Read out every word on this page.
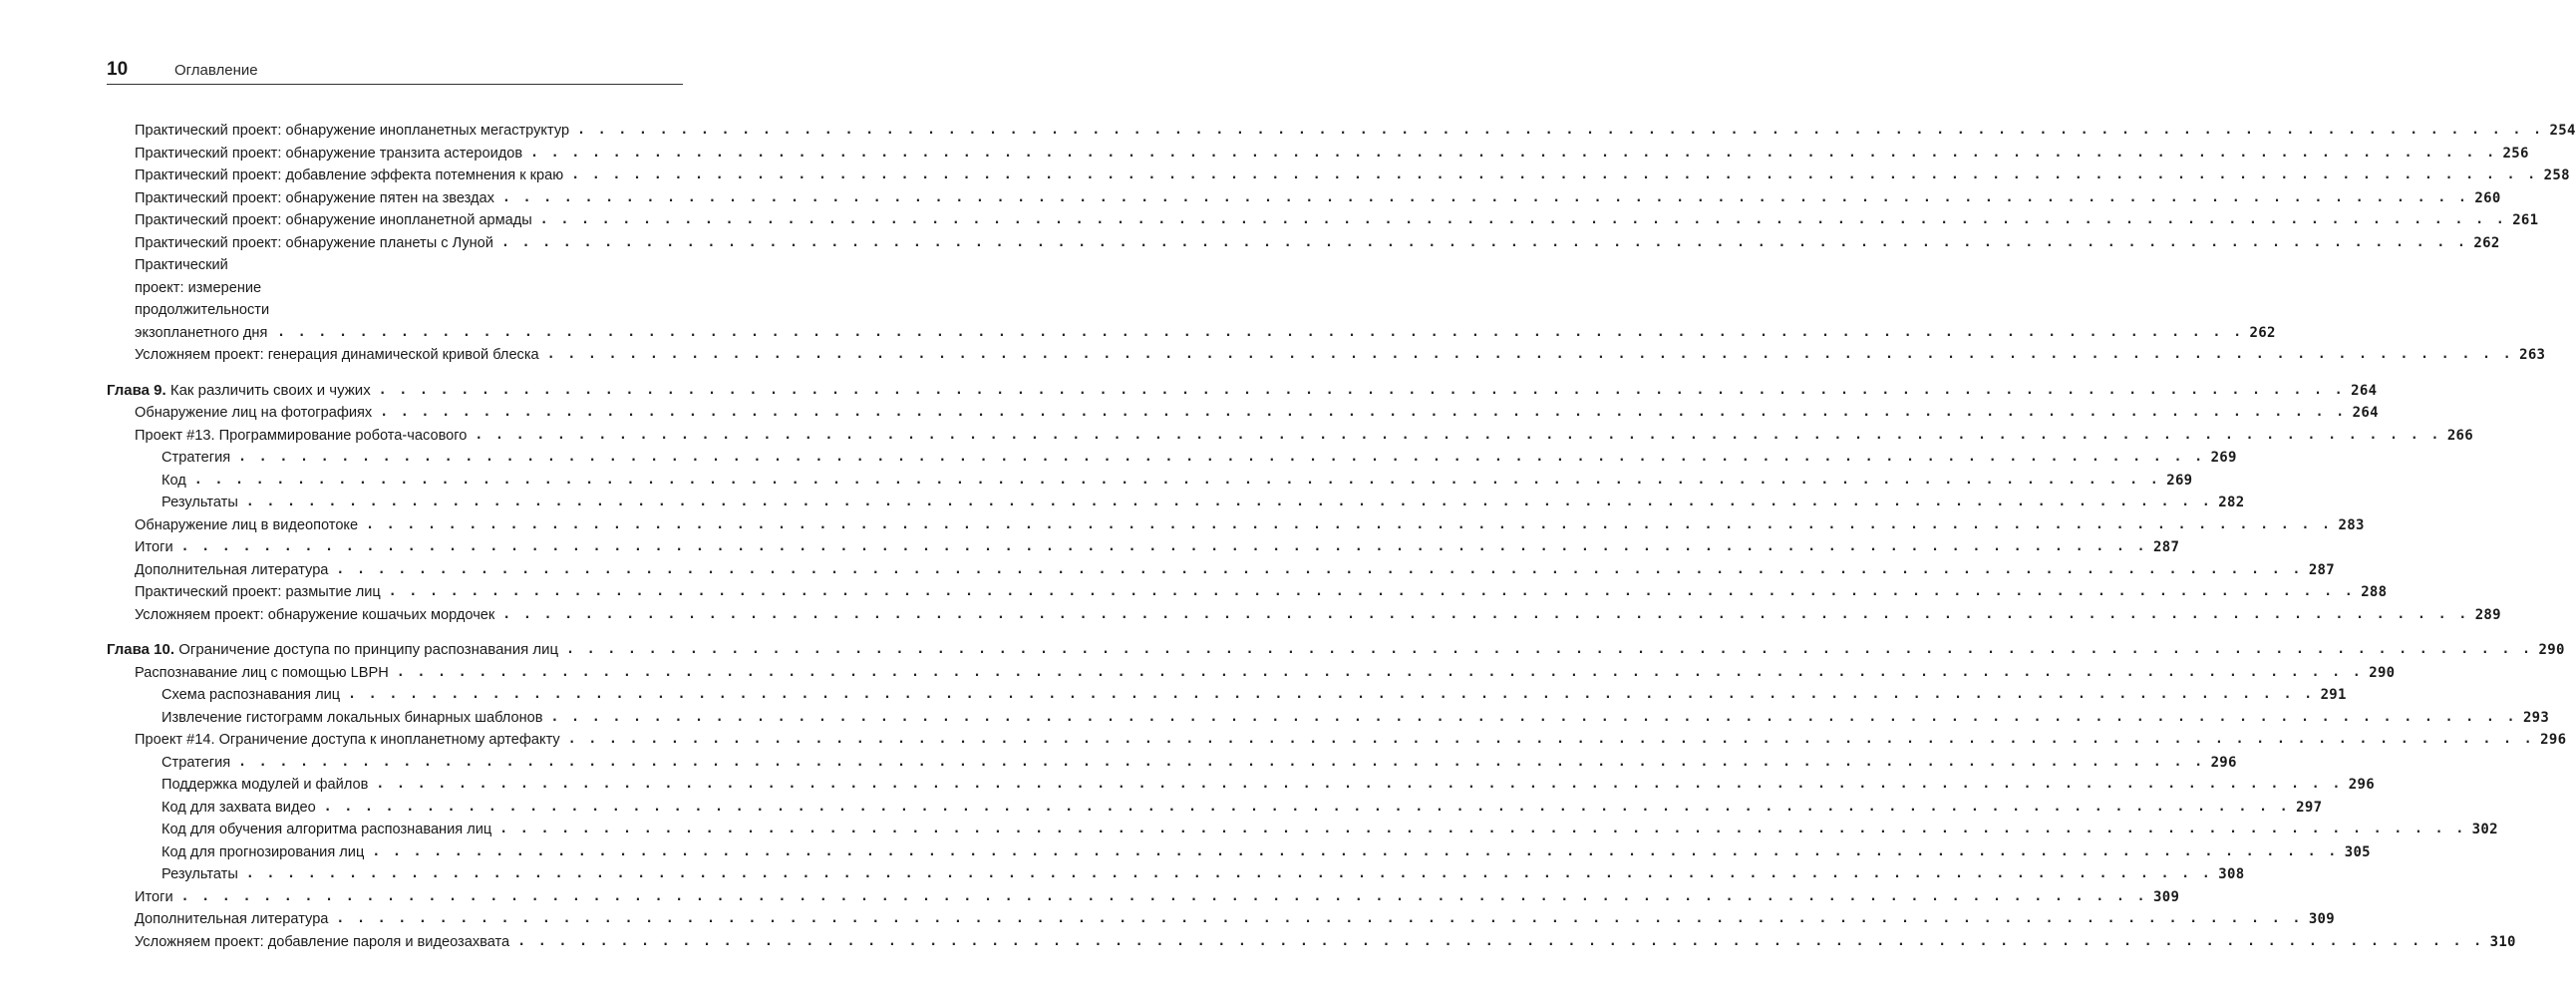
10	Оглавление
Практический проект: обнаружение инопланетных мегаструктур . . .	254
Практический проект: обнаружение транзита астероидов . . .	256
Практический проект: добавление эффекта потемнения к краю . . .	258
Практический проект: обнаружение пятен на звездах . . .	260
Практический проект: обнаружение инопланетной армады . . .	261
Практический проект: обнаружение планеты с Луной . . .	262
Практический проект: измерение продолжительности экзопланетного дня . . .	262
Усложняем проект: генерация динамической кривой блеска . . .	263
Глава 9. Как различить своих и чужих . . .	264
Обнаружение лиц на фотографиях . . .	264
Проект #13. Программирование робота-часового . . .	266
Стратегия . . .	269
Код . . .	269
Результаты . . .	282
Обнаружение лиц в видеопотоке . . .	283
Итоги . . .	287
Дополнительная литература . . .	287
Практический проект: размытие лиц . . .	288
Усложняем проект: обнаружение кошачьих мордочек . . .	289
Глава 10. Ограничение доступа по принципу распознавания лиц . . .	290
Распознавание лиц с помощью LBPH . . .	290
Схема распознавания лиц . . .	291
Извлечение гистограмм локальных бинарных шаблонов . . .	293
Проект #14. Ограничение доступа к инопланетному артефакту . . .	296
Стратегия . . .	296
Поддержка модулей и файлов . . .	296
Код для захвата видео . . .	297
Код для обучения алгоритма распознавания лиц . . .	302
Код для прогнозирования лиц . . .	305
Результаты . . .	308
Итоги . . .	309
Дополнительная литература . . .	309
Усложняем проект: добавление пароля и видеозахвата . . .	310
